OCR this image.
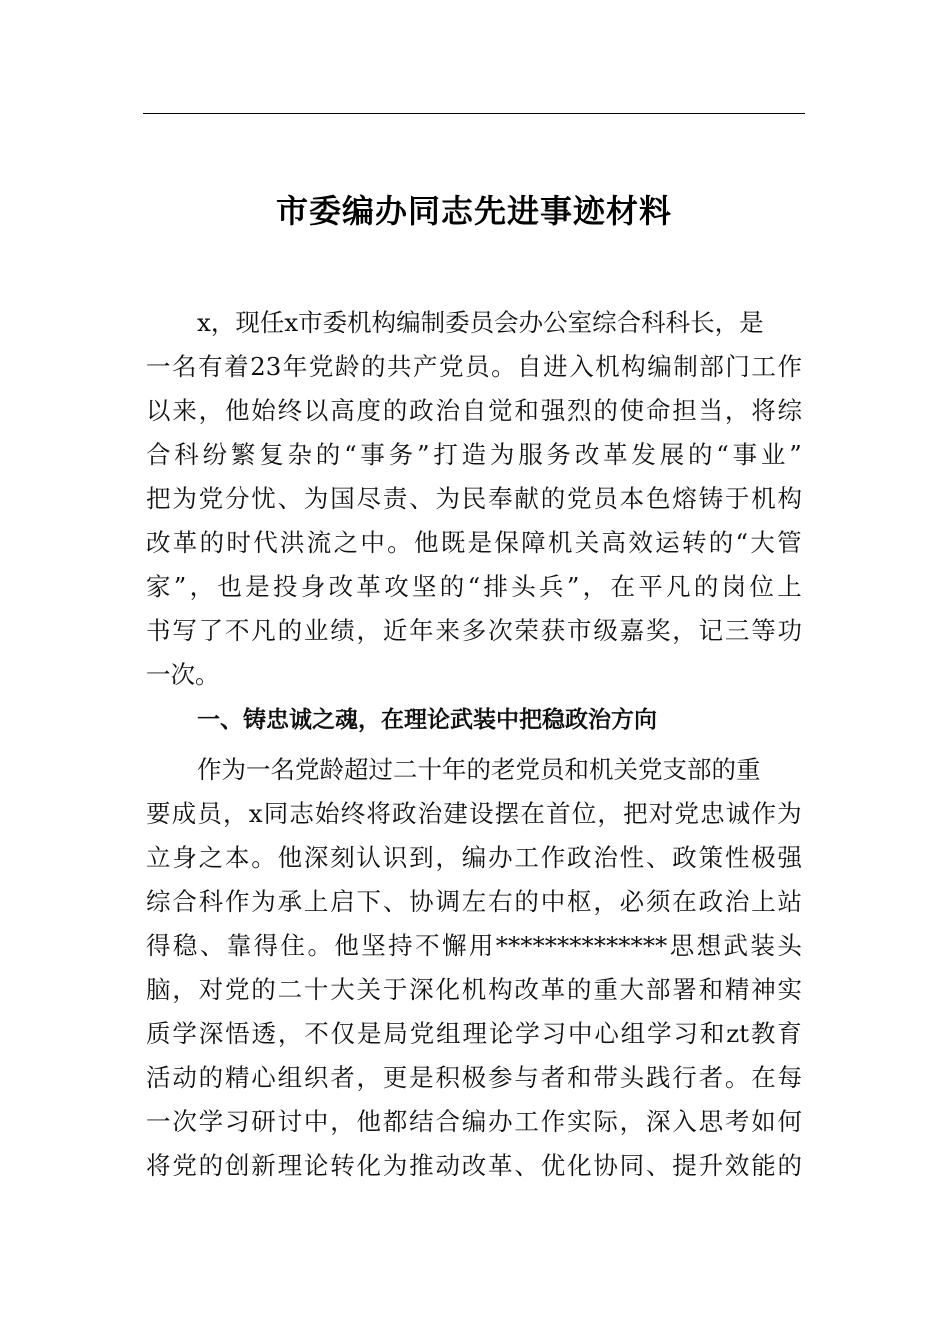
市委编办同志先进事迹材料
x，现任x市委机构编制委员会办公室综合科科长，是
一 名 有 着 23 年 党 龄 的 共 产 党 员 。 自 进 入 机 构 编 制 部 门 工 作
以 来 ， 他 始 终 以 高 度 的 政 治 自 觉 和 强 烈 的 使 命 担 当 ， 将 综
合 科 纷 繁 复 杂 的 “ 事 务 ” 打 造 为 服 务 改 革 发 展 的 “ 事 业 ”
把 为 党 分 忧 、 为 国 尽 责 、 为 民 奉 献 的 党 员 本 色 熔 铸 于 机 构
改 革 的 时 代 洪 流 之 中 。 他 既 是 保 障 机 关 高 效 运 转 的 “ 大 管
家 ” ， 也 是 投 身 改 革 攻 坚 的 “ 排 头 兵 ” ， 在 平 凡 的 岗 位 上
书 写 了 不 凡 的 业 绩 ， 近 年 来 多 次 荣 获 市 级 嘉 奖 ， 记 三 等 功
一次。
一、铸忠诚之魂，在理论武装中把稳政治方向
作为一名党龄超过二十年的老党员和机关党支部的重
要 成 员 ， x 同 志 始 终 将 政 治 建 设 摆 在 首 位 ， 把 对 党 忠 诚 作 为
立 身 之 本 。 他 深 刻 认 识 到 ， 编 办 工 作 政 治 性 、 政 策 性 极 强
综 合 科 作 为 承 上 启 下 、 协 调 左 右 的 中 枢 ， 必 须 在 政 治 上 站
得 稳 、 靠 得 住 。 他 坚 持 不 懈 用 ************** 思 想 武 装 头
脑 ， 对 党 的 二 十 大 关 于 深 化 机 构 改 革 的 重 大 部 署 和 精 神 实
质 学 深 悟 透 ， 不 仅 是 局 党 组 理 论 学 习 中 心 组 学 习 和 zt 教 育
活 动 的 精 心 组 织 者 ， 更 是 积 极 参 与 者 和 带 头 践 行 者 。 在 每
一 次 学 习 研 讨 中 ， 他 都 结 合 编 办 工 作 实 际 ， 深 入 思 考 如 何
将 党 的 创 新 理 论 转 化 为 推 动 改 革 、 优 化 协 同 、 提 升 效 能 的
